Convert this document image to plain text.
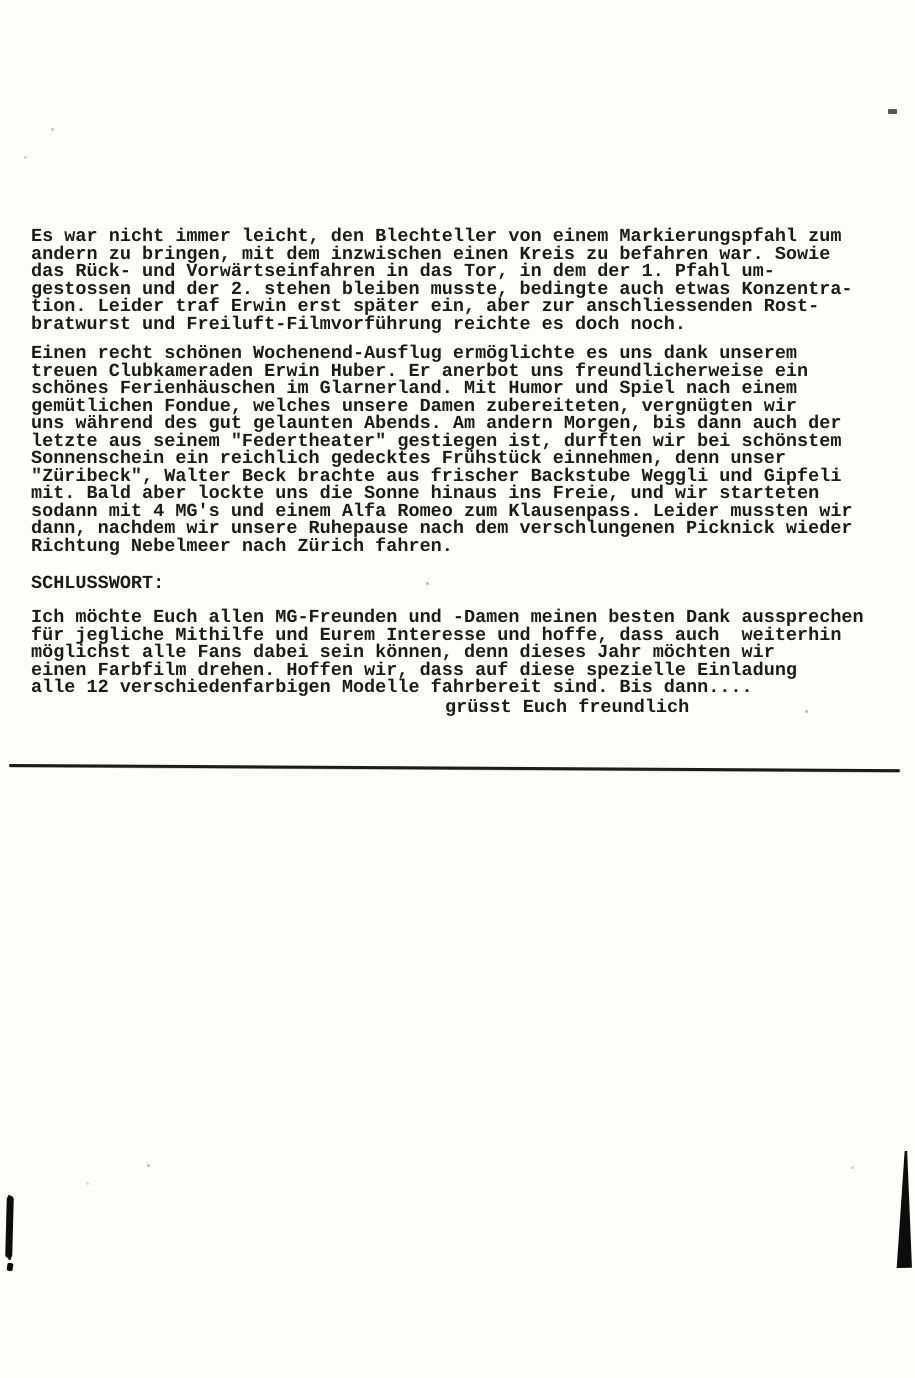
Es war nicht immer leicht, den Blechteller von einem Markierungspfahl zum
andern zu bringen, mit dem inzwischen einen Kreis zu befahren war. Sowie
das Rück- und Vorwärtseinfahren in das Tor, in dem der 1. Pfahl um-
gestossen und der 2. stehen bleiben musste, bedingte auch etwas Konzentra-
tion. Leider traf Erwin erst später ein, aber zur anschliessenden Rost-
bratwurst und Freiluft-Filmvorführung reichte es doch noch.
Einen recht schönen Wochenend-Ausflug ermöglichte es uns dank unserem
treuen Clubkameraden Erwin Huber. Er anerbot uns freundlicherweise ein
schönes Ferienhäuschen im Glarnerland. Mit Humor und Spiel nach einem
gemütlichen Fondue, welches unsere Damen zubereiteten, vergnügten wir
uns während des gut gelaunten Abends. Am andern Morgen, bis dann auch der
letzte aus seinem "Federtheater" gestiegen ist, durften wir bei schönstem
Sonnenschein ein reichlich gedecktes Frühstück einnehmen, denn unser
"Züribeck", Walter Beck brachte aus frischer Backstube Weggli und Gipfeli
mit. Bald aber lockte uns die Sonne hinaus ins Freie, und wir starteten
sodann mit 4 MG's und einem Alfa Romeo zum Klausenpass. Leider mussten wir
dann, nachdem wir unsere Ruhepause nach dem verschlungenen Picknick wieder
Richtung Nebelmeer nach Zürich fahren.
SCHLUSSWORT:
Ich möchte Euch allen MG-Freunden und -Damen meinen besten Dank aussprechen
für jegliche Mithilfe und Eurem Interesse und hoffe, dass auch  weiterhin
möglichst alle Fans dabei sein können, denn dieses Jahr möchten wir
einen Farbfilm drehen. Hoffen wir, dass auf diese spezielle Einladung
alle 12 verschiedenfarbigen Modelle fahrbereit sind. Bis dann....
grüsst Euch freundlich
